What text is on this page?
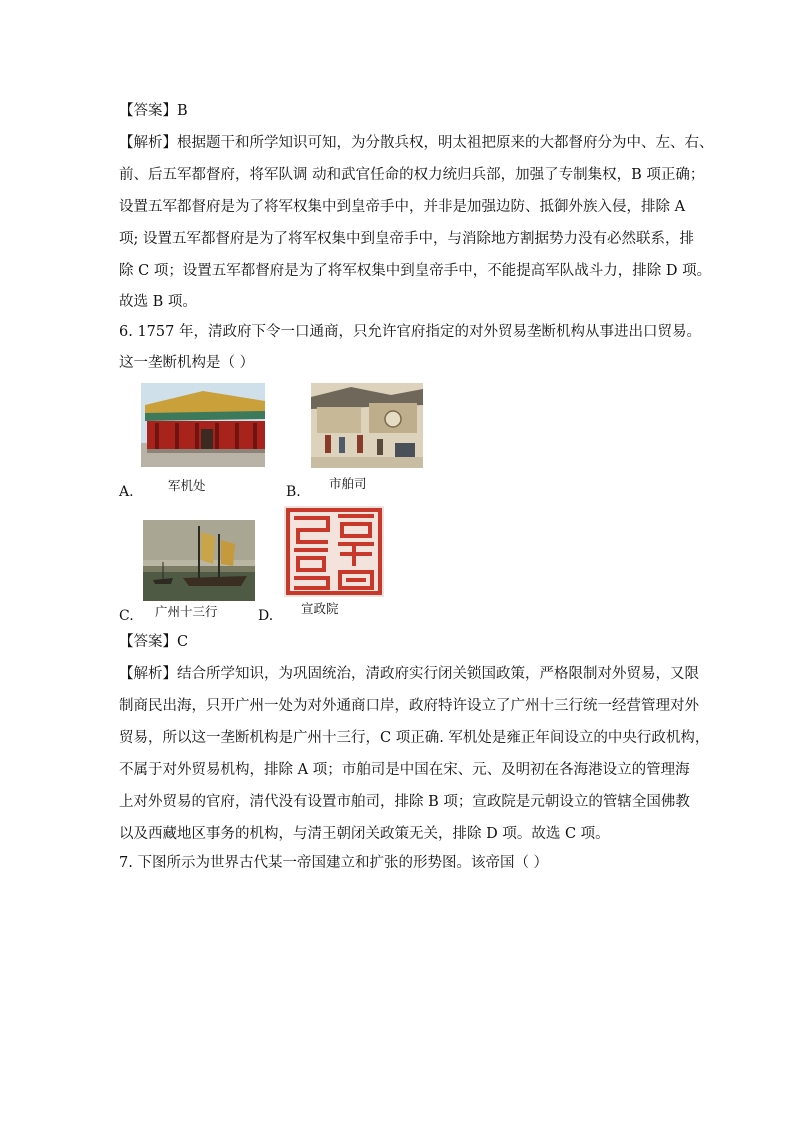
【答案】B
【解析】根据题干和所学知识可知，为分散兵权，明太祖把原来的大都督府分为中、左、右、
前、后五军都督府，将军队调 动和武官任命的权力统归兵部，加强了专制集权，B 项正确；
设置五军都督府是为了将军权集中到皇帝手中，并非是加强边防、抵御外族入侵，排除 A
项; 设置五军都督府是为了将军权集中到皇帝手中，与消除地方割据势力没有必然联系，排
除 C 项；设置五军都督府是为了将军权集中到皇帝手中，不能提高军队战斗力，排除 D 项。
故选 B 项。
6. 1757 年，清政府下令一口通商，只允许官府指定的对外贸易垄断机构从事进出口贸易。
这一垄断机构是（ ）
A.	军机处	B.
市舶司
C. 广州十三行	D. 宣政院
【答案】C
【解析】结合所学知识，为巩固统治，清政府实行闭关锁国政策，严格限制对外贸易，又限
制商民出海，只开广州一处为对外通商口岸，政府特许设立了广州十三行统一经营管理对外
贸易，所以这一垄断机构是广州十三行，C 项正确. 军机处是雍正年间设立的中央行政机构，
不属于对外贸易机构，排除 A 项；市舶司是中国在宋、元、及明初在各海港设立的管理海
上对外贸易的官府，清代没有设置市舶司，排除 B 项；宣政院是元朝设立的管辖全国佛教
以及西藏地区事务的机构，与清王朝闭关政策无关，排除 D 项。故选 C 项。
7. 下图所示为世界古代某一帝国建立和扩张的形势图。该帝国（ ）
